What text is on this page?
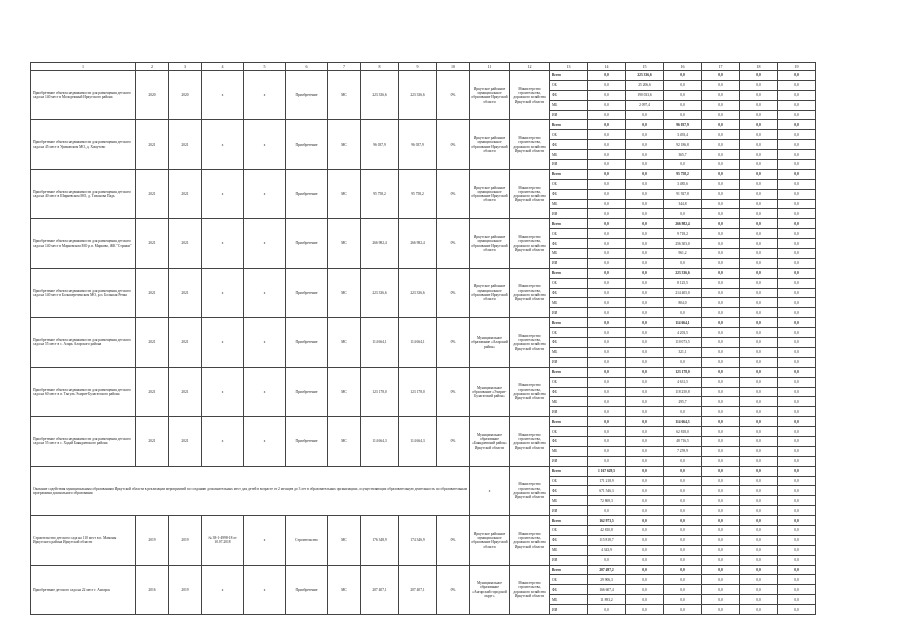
1	2	3	4	5	6	7	8	9	10	11	12	13	14	15	16	17	18	19
Приобретение объекта недвижимости для размещения детского сада на 140 мест в Молодежный Иркутского района	2020	2020	х	х	Приобретение	МС	223 336,6	223 336,6	0%	Иркутское районное муниципальное образование Иркутской области	Министерство строительства, дорожного хозяйства Иркутской области	Всего	0,0	223 336,6	0,0	0,0	0,0	0,0
												ОБ	0,0	25 206,6	0,0	0,0	0,0	0,0
												ФБ	0,0	190 033,6	0,0	0,0	0,0	0,0
												МБ	0,0	2 097,4	0,0	0,0	0,0	0,0
												ИИ	0,0	0,0	0,0	0,0	0,0	0,0
Приобретение объекта недвижимости для размещения детского сада на 45 мест в Уриковском МО, д. Хомутово	2021	2021	х	х	Приобретение	МС	96 037,9	96 037,9	0%	Иркутское районное муниципальное образование Иркутской области	Министерство строительства, дорожного хозяйства Иркутской области	Всего	0,0	0,0	96 037,9	0,0	0,0	0,0
												ОБ	0,0	0,0	3 493,4	0,0	0,0	0,0
												ФБ	0,0	0,0	92 186,8	0,0	0,0	0,0
												МБ	0,0	0,0	365,7	0,0	0,0	0,0
												ИИ	0,0	0,0	0,0	0,0	0,0	0,0
Приобретение объекта недвижимости для размещения детского сада на 40 мест в Ширяевском МО, д. Тихонова Падь	2021	2021	х	х	Приобретение	МС	95 758,2	95 758,2	0%	Иркутское районное муниципальное образование Иркутской области	Министерство строительства, дорожного хозяйства Иркутской области	Всего	0,0	0,0	95 758,2	0,0	0,0	0,0
												ОБ	0,0	0,0	3 485,6	0,0	0,0	0,0
												ФБ	0,0	0,0	91 927,8	0,0	0,0	0,0
												МБ	0,0	0,0	344,8	0,0	0,0	0,0
												ИИ	0,0	0,0	0,0	0,0	0,0	0,0
Приобретение объекта недвижимости для размещения детского сада на 140 мест в Марковском МО р.п. Марково, ЖК "Стрижи"	2021	2021	х	х	Приобретение	МС	266 982,4	266 982,4	0%	Иркутское районное муниципальное образование Иркутской области	Министерство строительства, дорожного хозяйства Иркутской области	Всего	0,0	0,0	266 982,4	0,0	0,0	0,0
												ОБ	0,0	0,0	9 718,2	0,0	0,0	0,0
												ФБ	0,0	0,0	256 303,0	0,0	0,0	0,0
												МБ	0,0	0,0	961,2	0,0	0,0	0,0
												ИИ	0,0	0,0	0,0	0,0	0,0	0,0
Приобретение объекта недвижимости для размещения детского сада на 140 мест в Большереченском МО, р.п. Большая Речка	2021	2021	х	х	Приобретение	МС	223 336,6	223 336,6	0%	Иркутское районное муниципальное образование Иркутской области	Министерство строительства, дорожного хозяйства Иркутской области	Всего	0,0	0,0	223 336,6	0,0	0,0	0,0
												ОБ	0,0	0,0	8 125,5	0,0	0,0	0,0
												ФБ	0,0	0,0	214 405,0	0,0	0,0	0,0
												МБ	0,0	0,0	804,0	0,0	0,0	0,0
												ИИ	0,0	0,0	0,0	0,0	0,0	0,0
Приобретение объекта недвижимости для размещения детского сада на 55 мест в с. Аларь Аларского района	2021	2021	х	х	Приобретение	МС	114 664,1	114 664,1	0%	Муниципальное образование «Аларский район»	Министерство строительства, дорожного хозяйства Иркутской области	Всего	0,0	0,0	114 664,1	0,0	0,0	0,0
												ОБ	0,0	0,0	4 203,5	0,0	0,0	0,0
												ФБ	0,0	0,0	110 073,5	0,0	0,0	0,0
												МБ	0,0	0,0	321,1	0,0	0,0	0,0
												ИИ	0,0	0,0	0,0	0,0	0,0	0,0
Приобретение объекта недвижимости для размещения детского сада на 60 мест в п. Тыгуль Эхирит-Булагатского района	2021	2021	х	х	Приобретение	МС	123 178,0	123 178,0	0%	Муниципальное образование «Эхирит-Булагатский район»	Министерство строительства, дорожного хозяйства Иркутской области	Всего	0,0	0,0	123 178,0	0,0	0,0	0,0
												ОБ	0,0	0,0	4 631,5	0,0	0,0	0,0
												ФБ	0,0	0,0	118 250,8	0,0	0,0	0,0
												МБ	0,0	0,0	295,7	0,0	0,0	0,0
												ИИ	0,0	0,0	0,0	0,0	0,0	0,0
Приобретение объекта недвижимости для размещения детского сада на 55 мест в с. Хадай Баяндаевского района	2021	2021	х	х	Приобретение	МС	114 664,3	114 664,3	0%	Муниципальное образование «Баяндаевский район» Иркутской области	Министерство строительства, дорожного хозяйства Иркутской области	Всего	0,0	0,0	114 664,3	0,0	0,0	0,0
												ОБ	0,0	0,0	62 818,0	0,0	0,0	0,0
												ФБ	0,0	0,0	48 716,5	0,0	0,0	0,0
												МБ	0,0	0,0	7 259,9	0,0	0,0	0,0
												ИИ	0,0	0,0	0,0	0,0	0,0	0,0
Оказание содействия муниципальным образованиям Иркутской области в реализации мероприятий по созданию дополнительных мест для детей в возрасте от 2 месяцев до 3 лет в образовательных организациях, осуществляющих образовательную деятельность по образовательным программам дошкольного образования										х	Министерство строительства, дорожного хозяйства Иркутской области	Всего	1 167 629,5	0,0	0,0	0,0	0,0	0,0
												ОБ	171 218,9	0,0	0,0	0,0	0,0	0,0
												ФБ	671 546,3	0,0	0,0	0,0	0,0	0,0
												МБ	72 869,3	0,0	0,0	0,0	0,0	0,0
												ИИ	0,0	0,0	0,0	0,0	0,0	0,0
Строительство детского сада на 110 мест в п. Мамоны Иркутского района Иркутской области	2019	2019	№ 38-1-4998-18 от 10.07.2018	х	Строительство	МС	176 348,9	174 346,9	0%	Иркутское районное муниципальное образование Иркутской области	Министерство строительства, дорожного хозяйства Иркутской области	Всего	162 973,5	0,0	0,0	0,0	0,0	0,0
												ОБ	42 810,8	0,0	0,0	0,0	0,0	0,0
												ФБ	115 818,7	0,0	0,0	0,0	0,0	0,0
												МБ	4 343,9	0,0	0,0	0,0	0,0	0,0
												ИИ	0,0	0,0	0,0	0,0	0,0	0,0
Приобретение детского сада на 22 мест г. Ангарск	2016	2019	х	х	Приобретение	МС	207 407,1	207 407,1	0%	Муниципальное образование «Ангарский городской округ»	Министерство строительства, дорожного хозяйства Иркутской области	Всего	207 497,2	0,0	0,0	0,0	0,0	0,0
												ОБ	29 906,3	0,0	0,0	0,0	0,0	0,0
												ФБ	166 607,4	0,0	0,0	0,0	0,0	0,0
												МБ	11 893,2	0,0	0,0	0,0	0,0	0,0
												ИИ	0,0	0,0	0,0	0,0	0,0	0,0
